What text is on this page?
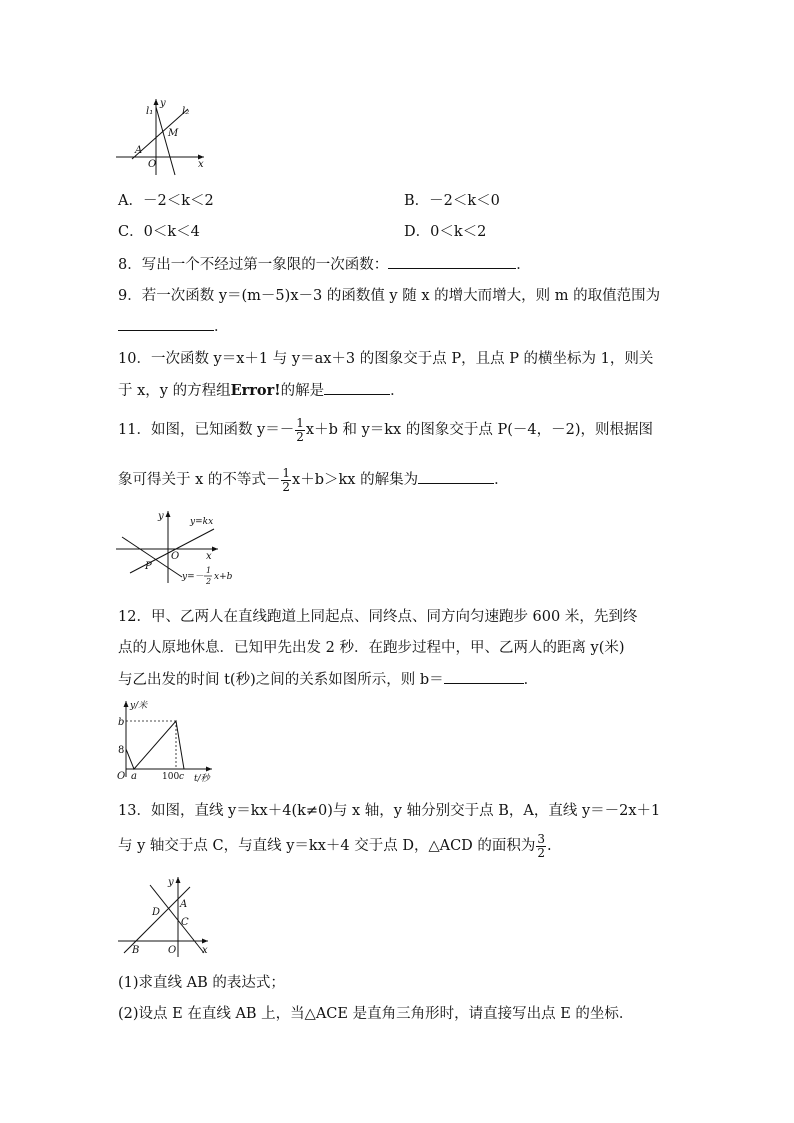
l₁
y
l₂
M
A
O	x
A．－2＜k＜2	B．－2＜k＜0
C．0＜k＜4	D．0＜k＜2
8．写出一个不经过第一象限的一次函数：	．
9．若一次函数 y＝(m－5)x－3 的函数值 y 随 x 的增大而增大，则 m 的取值范围为
．
10．一次函数 y＝x＋1 与 y＝ax＋3 的图象交于点 P，且点 P 的横坐标为 1，则关
于 x，y 的方程组Error!的解是	．
11．如图，已知函数 $y=- \frac{1}{2} x+b$ 和 y＝kx 的图象交于点 P(－4，－2)，则根据图
象可得关于 x 的不等式－ $\frac{1}{2} x+b>kx$ 的解集为	．
y	y=kx
x
O
P
y=－
1
2 x+b
12．甲、乙两人在直线跑道上同起点、同终点、同方向匀速跑步 600 米，先到终
点的人原地休息．已知甲先出发 2 秒．在跑步过程中，甲、乙两人的距离 y(米)
与乙出发的时间 t(秒)之间的关系如图所示，则 b＝	．
y/米
b
8
O a	100 c t/秒
13．如图，直线 y＝kx＋4(k≠0)与 x 轴，y 轴分别交于点 B，A，直线 y＝－2x＋1
与 y 轴交于点 C，与直线 y＝kx＋4 交于点 D，△ACD 的面积为 $\frac{3}{2}$ .
y
A
D
C
B	O	x
(1)求直线 AB 的表达式；
(2)设点 E 在直线 AB 上，当△ACE 是直角三角形时，请直接写出点 E 的坐标．
